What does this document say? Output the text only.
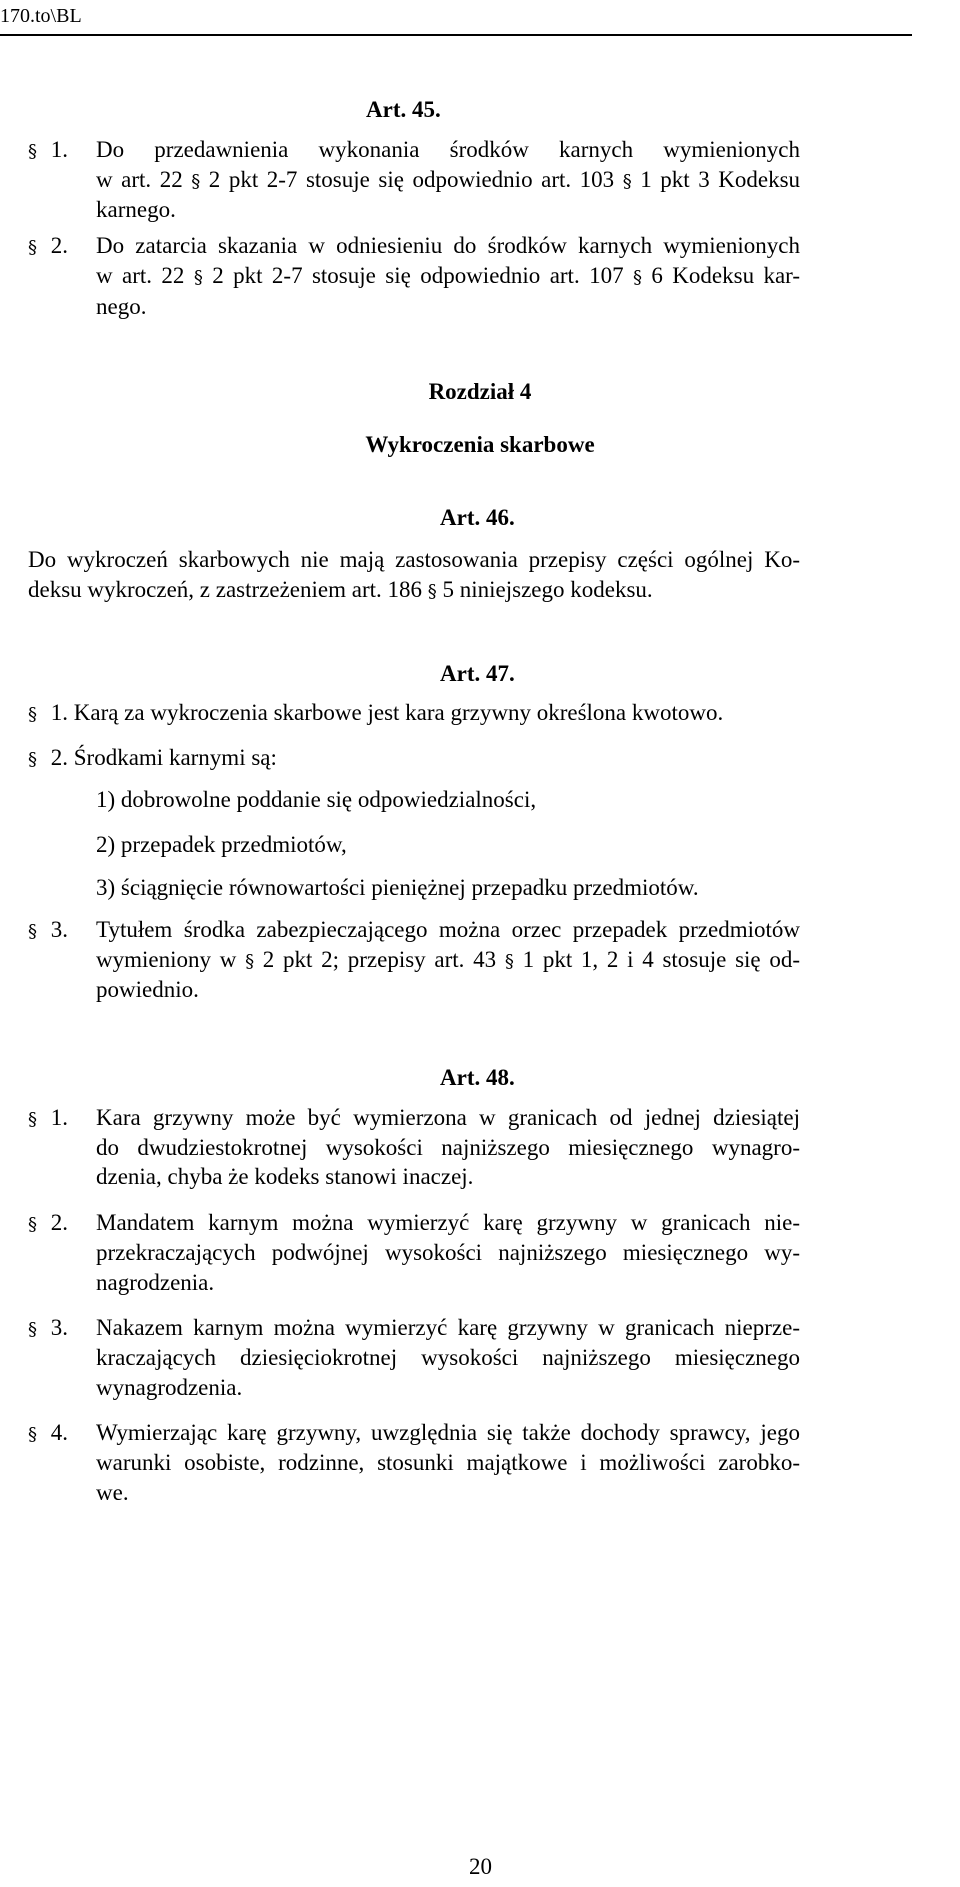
170.to\BL
Art. 45.
§ 1. Do przedawnienia wykonania środków karnych wymienionych
w art. 22 § 2 pkt 2-7 stosuje się odpowiednio art. 103 § 1 pkt 3 Kodeksu
karnego.
§ 2. Do zatarcia skazania w odniesieniu do środków karnych wymienionych
w art. 22 § 2 pkt 2-7 stosuje się odpowiednio art. 107 § 6 Kodeksu kar-
nego.
Rozdział 4
Wykroczenia skarbowe
Art. 46.
Do wykroczeń skarbowych nie mają zastosowania przepisy części ogólnej Ko-
deksu wykroczeń, z zastrzeżeniem art. 186 § 5 niniejszego kodeksu.
Art. 47.
§ 1. Karą za wykroczenia skarbowe jest kara grzywny określona kwotowo.
§ 2. Środkami karnymi są:
1) dobrowolne poddanie się odpowiedzialności,
2) przepadek przedmiotów,
3) ściągnięcie równowartości pieniężnej przepadku przedmiotów.
§ 3. Tytułem środka zabezpieczającego można orzec przepadek przedmiotów
wymieniony w § 2 pkt 2; przepisy art. 43 § 1 pkt 1, 2 i 4 stosuje się od-
powiednio.
Art. 48.
§ 1. Kara grzywny może być wymierzona w granicach od jednej dziesiątej
do dwudziestokrotnej wysokości najniższego miesięcznego wynagro-
dzenia, chyba że kodeks stanowi inaczej.
§ 2. Mandatem karnym można wymierzyć karę grzywny w granicach nie-
przekraczających podwójnej wysokości najniższego miesięcznego wy-
nagrodzenia.
§ 3. Nakazem karnym można wymierzyć karę grzywny w granicach nieprze-
kraczających dziesięciokrotnej wysokości najniższego miesięcznego
wynagrodzenia.
§ 4. Wymierzając karę grzywny, uwzględnia się także dochody sprawcy, jego
warunki osobiste, rodzinne, stosunki majątkowe i możliwości zarobko-
we.
20
